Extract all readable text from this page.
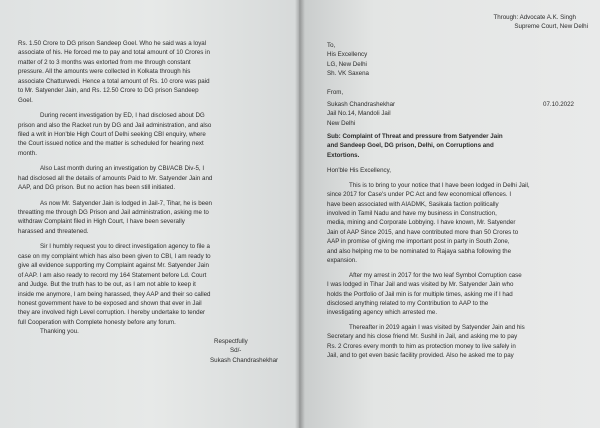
Rs. 1.50 Crore to DG prison Sandeep Goel. Who he said was a loyal
associate of his. He forced me to pay and total amount of 10 Crores in
matter of 2 to 3 months was extorted from me through constant
pressure. All the amounts were collected in Kolkata through his
associate Chatturwedi. Hence a total amount of Rs. 10 crore was paid
to Mr. Satyender Jain, and Rs. 12.50 Crore to DG prison Sandeep
Goel.
During recent investigation by ED, I had disclosed about DG
prison and also the Racket run by DG and Jail administration, and also
filed a writ in Hon'ble High Court of Delhi seeking CBI enquiry, where
the Court issued notice and the matter is scheduled for hearing next
month.
Also Last month during an investigation by CBI/ACB Div-5, I
had disclosed all the details of amounts Paid to Mr. Satyender Jain and
AAP, and DG prison. But no action has been still initiated.
As now Mr. Satyender Jain is lodged in Jail-7, Tihar, he is been
threatting me through DG Prison and Jail administration, asking me to
withdraw Complaint filed in High Court, I have been severally
harassed and threatened.
Sir I humbly request you to direct investigation agency to file a
case on my complaint which has also been given to CBI, I am ready to
give all evidence supporting my Complaint against Mr. Satyender Jain
of AAP. I am also ready to record my 164 Statement before Ld. Court
and Judge. But the truth has to be out, as I am not able to keep it
inside me anymore, I am being harassed, they AAP and their so called
honest government have to be exposed and shown that ever in Jail
they are involved high Level corruption. I hereby undertake to tender
full Cooperation with Complete honesty before any forum.
Thanking you.
Respectfully
Sd/-
Sukash Chandrashekhar
Through: Advocate A.K. Singh
Supreme Court, New Delhi
To,
His Excellency
LG, New Delhi
Sh. VK Saxena
From,
Sukash Chandrashekhar	07.10.2022
Jail No.14, Mandoli Jail
New Delhi
Sub: Complaint of Threat and pressure from Satyender Jain
and Sandeep Goel, DG prison, Delhi, on Corruptions and
Extortions.
Hon'ble His Excellency,
This is to bring to your notice that I have been lodged in Delhi Jail,
since 2017 for Case's under PC Act and few economical offences. I
have been associated with AIADMK, Sasikala faction politically
involved in Tamil Nadu and have my business in Construction,
media, mining and Corporate Lobbying. I have known, Mr. Satyender
Jain of AAP Since 2015, and have contributed more than 50 Crores to
AAP in promise of giving me important post in party in South Zone,
and also helping me to be nominated to Rajaya sabha following the
expansion.
After my arrest in 2017 for the two leaf Symbol Corruption case
I was lodged in Tihar Jail and was visited by Mr. Satyender Jain who
holds the Portfolio of Jail min is for multiple times, asking me if I had
disclosed anything related to my Contribution to AAP to the
investigating agency which arrested me.
Thereafter in 2019 again I was visited by Satyender Jain and his
Secretary and his close friend Mr. Sushil in Jail, and asking me to pay
Rs. 2 Crores every month to him as protection money to live safely in
Jail, and to get even basic facility provided. Also he asked me to pay
